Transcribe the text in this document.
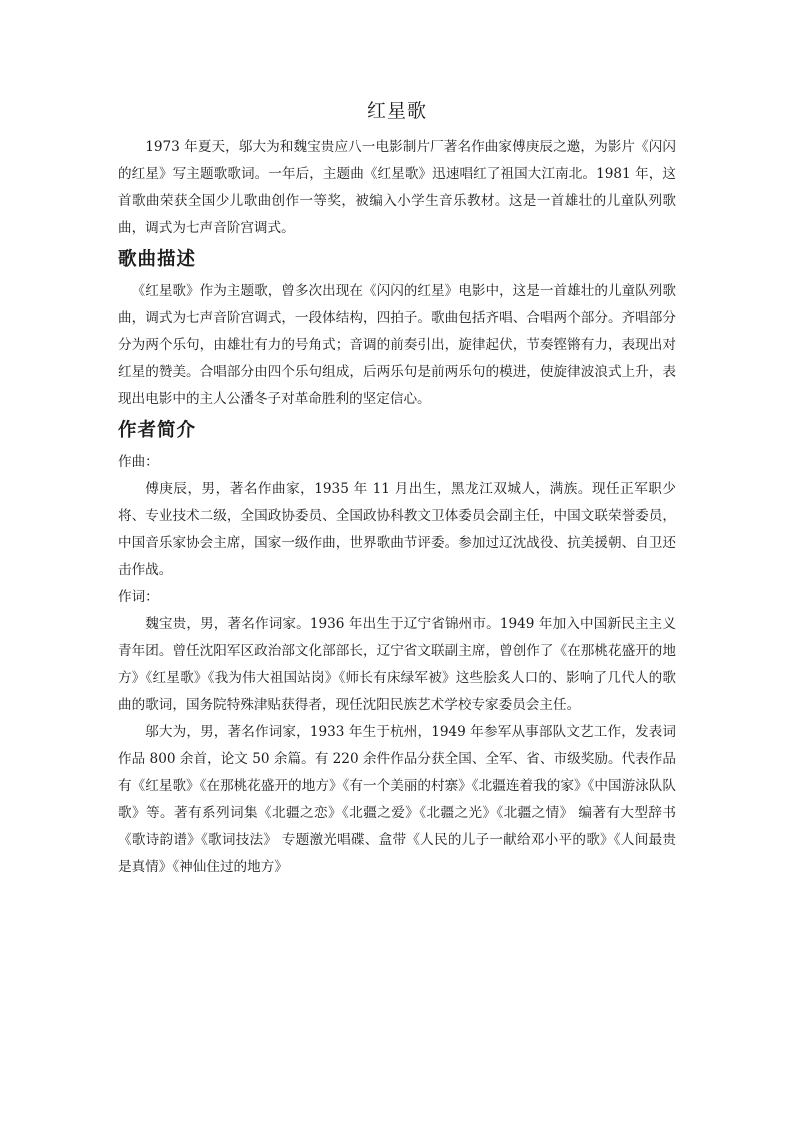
红星歌

1973 年夏天，邬大为和魏宝贵应八一电影制片厂著名作曲家傅庚辰之邀，为影片《闪闪的红星》写主题歌歌词。一年后，主题曲《红星歌》迅速唱红了祖国大江南北。1981 年，这首歌曲荣获全国少儿歌曲创作一等奖，被编入小学生音乐教材。这是一首雄壮的儿童队列歌曲，调式为七声音阶宫调式。

歌曲描述

《红星歌》作为主题歌，曾多次出现在《闪闪的红星》电影中，这是一首雄壮的儿童队列歌曲，调式为七声音阶宫调式，一段体结构，四拍子。歌曲包括齐唱、合唱两个部分。齐唱部分分为两个乐句，由雄壮有力的号角式；音调的前奏引出，旋律起伏，节奏铿锵有力，表现出对红星的赞美。合唱部分由四个乐句组成，后两乐句是前两乐句的模进，使旋律波浪式上升，表现出电影中的主人公潘冬子对革命胜利的坚定信心。

作者简介

作曲：

傅庚辰，男，著名作曲家，1935 年 11 月出生，黑龙江双城人，满族。现任正军职少将、专业技术二级，全国政协委员、全国政协科教文卫体委员会副主任，中国文联荣誉委员，中国音乐家协会主席，国家一级作曲，世界歌曲节评委。参加过辽沈战役、抗美援朝、自卫还击作战。

作词：

魏宝贵，男，著名作词家。1936 年出生于辽宁省锦州市。1949 年加入中国新民主主义青年团。曾任沈阳军区政治部文化部部长，辽宁省文联副主席，曾创作了《在那桃花盛开的地方》《红星歌》《我为伟大祖国站岗》《师长有床绿军被》这些脍炙人口的、影响了几代人的歌曲的歌词，国务院特殊津贴获得者，现任沈阳民族艺术学校专家委员会主任。

邬大为，男，著名作词家，1933 年生于杭州，1949 年参军从事部队文艺工作，发表词作品 800 余首，论文 50 余篇。有 220 余件作品分获全国、全军、省、市级奖励。代表作品有《红星歌》《在那桃花盛开的地方》《有一个美丽的村寨》《北疆连着我的家》《中国游泳队队歌》等。著有系列词集《北疆之恋》《北疆之爱》《北疆之光》《北疆之情》 编著有大型辞书《歌诗韵谱》《歌词技法》 专题激光唱碟、盒带《人民的儿子一献给邓小平的歌》《人间最贵是真情》《神仙住过的地方》
